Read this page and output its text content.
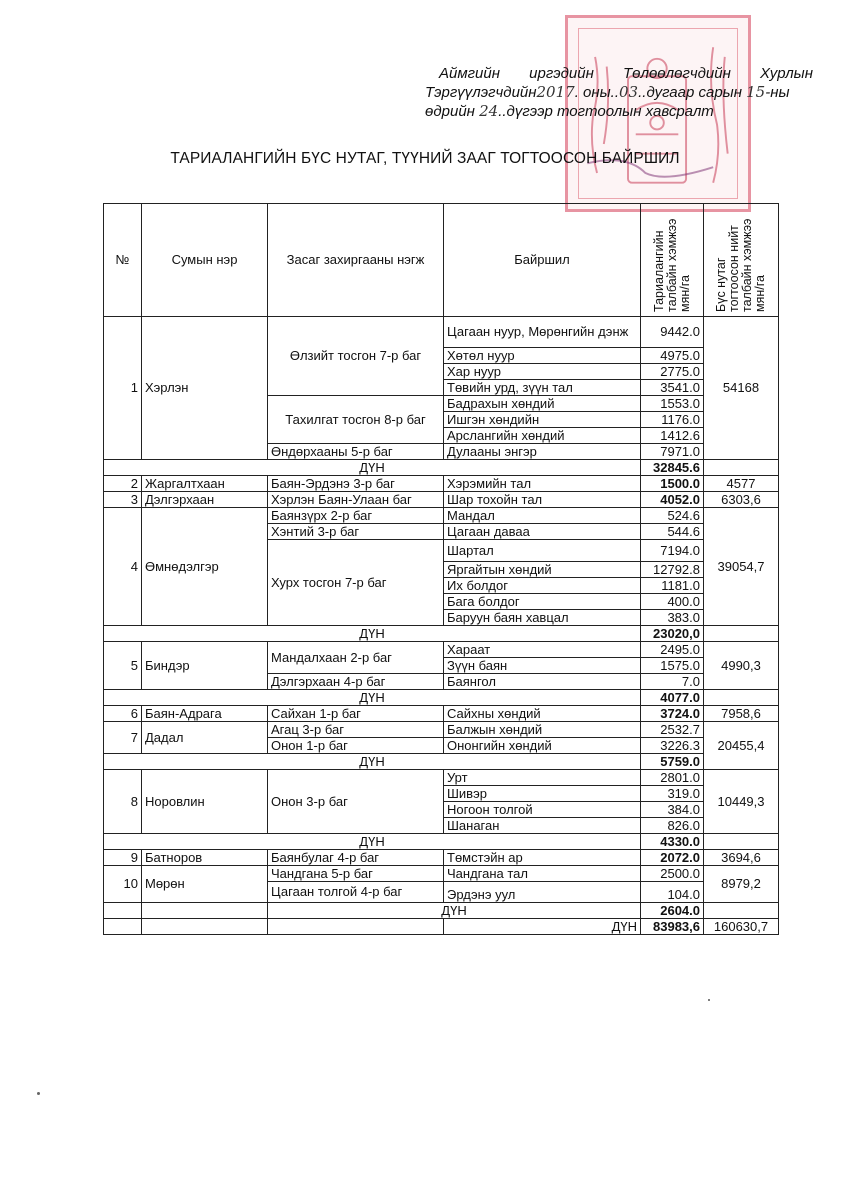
Аймгийн иргэдийн Төлөөлөгчдийн Хурлын
Тэргүүлэгчдийн2017. оны..03..дугаар сарын 15-ны
өдрийн 24..дүгээр тогтоолын хавсралт
ТАРИАЛАНГИЙН БҮС НУТАГ, ТҮҮНИЙ ЗААГ ТОГТООСОН БАЙРШИЛ
№	Сумын нэр	Засаг захиргааны нэгж	Байршил	Тариалангийн талбайн хэмжээ мян/га	Бүс нутаг тогтоосон нийт талбайн хэмжээ мян/га

1	Хэрлэн	Өлзийт тосгон 7-р баг	Цагаан нуур, Мөрөнгийн дэнж	9442.0	54168
			Хөтөл нуур	4975.0	
			Хар нуур	2775.0	
			Төвийн урд, зүүн тал	3541.0	
		Тахилгат тосгон 8-р баг	Бадрахын хөндий	1553.0	
			Ишгэн хөндийн	1176.0	
			Арслангийн хөндий	1412.6	
		Өндөрхааны 5-р баг	Дулааны энгэр	7971.0	
ДҮН				32845.6	
2	Жаргалтхаан	Баян-Эрдэнэ 3-р баг	Хэрэмийн тал	1500.0	4577
3	Дэлгэрхаан	Хэрлэн Баян-Улаан баг	Шар тохойн тал	4052.0	6303,6
4	Өмнөдэлгэр	Баянзүрх 2-р баг	Мандал	524.6	39054,7
		Хэнтий 3-р баг	Цагаан даваа	544.6	
		Хурх тосгон 7-р баг	Шартал	7194.0	
			Яргайтын хөндий	12792.8	
			Их болдог	1181.0	
			Бага болдог	400.0	
			Баруун баян хавцал	383.0	
ДҮН				23020,0	
5	Биндэр	Мандалхаан 2-р баг	Хараат	2495.0	4990,3
			Зүүн баян	1575.0	
		Дэлгэрхаан 4-р баг	Баянгол	7.0	
ДҮН				4077.0	
6	Баян-Адрага	Сайхан 1-р баг	Сайхны хөндий	3724.0	7958,6
7	Дадал	Агац 3-р баг	Балжын хөндий	2532.7	20455,4
		Онон 1-р баг	Ононгийн хөндий	3226.3	
ДҮН				5759.0	
8	Норовлин	Онон 3-р баг	Урт	2801.0	10449,3
			Шивэр	319.0	
			Ногоон толгой	384.0	
			Шанаган	826.0	
ДҮН				4330.0	
9	Батноров	Баянбулаг 4-р баг	Төмстэйн ар	2072.0	3694,6
10	Мөрөн	Чандгана 5-р баг	Чандгана тал	2500.0	8979,2
		Цагаан толгой 4-р баг	Эрдэнэ уул	104.0	
		ДҮН		2604.0	
			ДҮН	83983,6	160630,7
